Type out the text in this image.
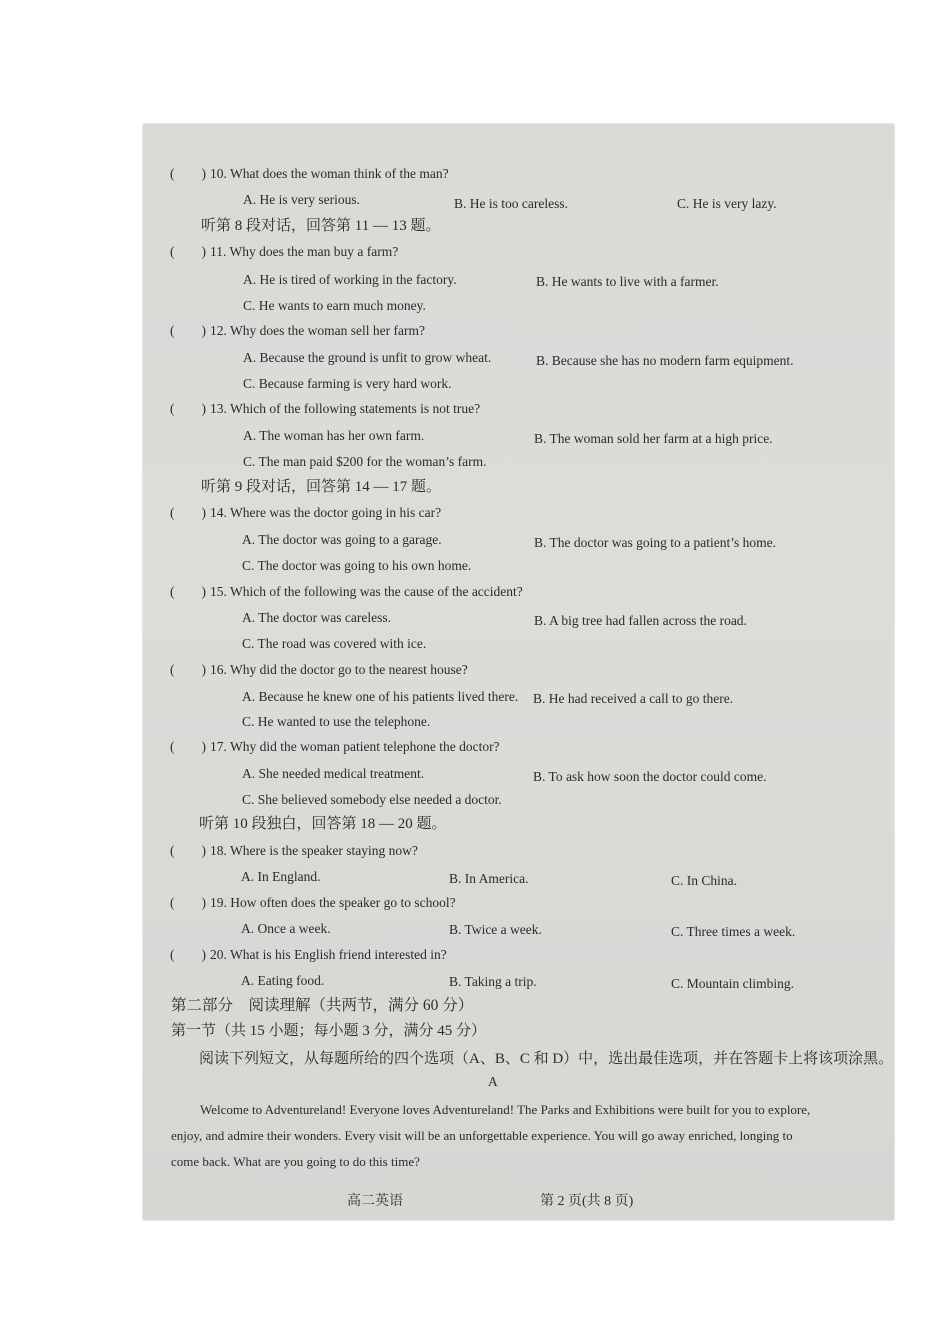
(　　) 10. What does the woman think of the man?
A. He is very serious.	B. He is too careless.	C. He is very lazy.
听第 8 段对话，回答第 11 — 13 题。
(　　) 11. Why does the man buy a farm?
A. He is tired of working in the factory.	B. He wants to live with a farmer.
C. He wants to earn much money.
(　　) 12. Why does the woman sell her farm?
A. Because the ground is unfit to grow wheat.	B. Because she has no modern farm equipment.
C. Because farming is very hard work.
(　　) 13. Which of the following statements is not true?
A. The woman has her own farm.	B. The woman sold her farm at a high price.
C. The man paid $200 for the woman’s farm.
听第 9 段对话，回答第 14 — 17 题。
(　　) 14. Where was the doctor going in his car?
A. The doctor was going to a garage.	B. The doctor was going to a patient’s home.
C. The doctor was going to his own home.
(　　) 15. Which of the following was the cause of the accident?
A. The doctor was careless.	B. A big tree had fallen across the road.
C. The road was covered with ice.
(　　) 16. Why did the doctor go to the nearest house?
A. Because he knew one of his patients lived there. B. He had received a call to go there.
C. He wanted to use the telephone.
(　　) 17. Why did the woman patient telephone the doctor?
A. She needed medical treatment.	B. To ask how soon the doctor could come.
C. She believed somebody else needed a doctor.
听第 10 段独白，回答第 18 — 20 题。
(　　) 18. Where is the speaker staying now?
A. In England.	B. In America.	C. In China.
(　　) 19. How often does the speaker go to school?
A. Once a week.	B. Twice a week.	C. Three times a week.
(　　) 20. What is his English friend interested in?
A. Eating food.	B. Taking a trip.	C. Mountain climbing.
第二部分　阅读理解（共两节，满分 60 分）
第一节（共 15 小题；每小题 3 分，满分 45 分）
阅读下列短文，从每题所给的四个选项（A、B、C 和 D）中，选出最佳选项，并在答题卡上将该项涂黑。
A
Welcome to Adventureland! Everyone loves Adventureland! The Parks and Exhibitions were built for you to explore,
enjoy, and admire their wonders. Every visit will be an unforgettable experience. You will go away enriched, longing to
come back. What are you going to do this time?
高二英语	第 2 页(共 8 页)
